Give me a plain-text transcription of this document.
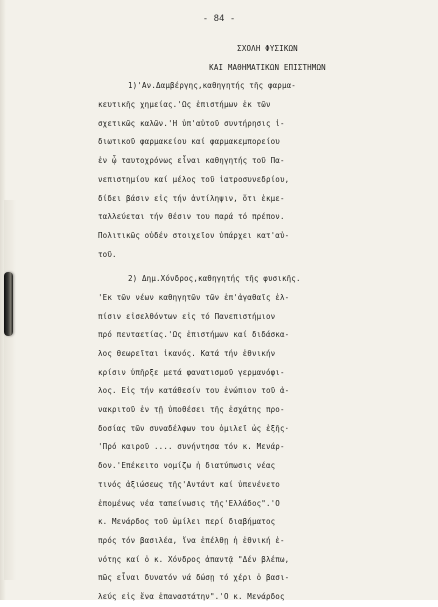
- 84 -
ΣΧΟΛΗ ΦΥΣΙΚΩΝ
ΚΑΙ ΜΑΘΗΜΑΤΙΚΩΝ ΕΠΙΣΤΗΜΩΝ
1)'Αν.Δαμβέργης,καθηγητής τῆς φαρμα-
κευτικῆς χημείας.'Ως ἐπιστήμων ἐκ τῶν
σχετικῶς καλῶν.'Η ὑπ'αὐτοῦ συντήρησις ἰ-
διωτικοῦ φαρμακείου καί φαρμακεμπορείου
ἐν ᾧ ταυτοχρόνως εἶναι καθηγητής τοῦ Πα-
νεπιστημίου καί μέλος τοῦ ἰατροσυνεδρίου,
δίδει βάσιν εἰς τήν ἀντίληψιν, ὅτι ἐκμε-
ταλλεύεται τήν θέσιν του παρά τό πρέπον.
Πολιτικῶς οὐδέν στοιχεῖον ὑπάρχει κατ'αὐ-
τοῦ.
2) Δημ.Χόνδρος,καθηγητής τῆς φυσικῆς.
'Εκ τῶν νέων καθηγητῶν τῶν ἐπ'ἀγαθαῖς ἐλ-
πίσιν εἰσελθόντων εἰς τό Πανεπιστήμιον
πρό πενταετίας.'Ως ἐπιστήμων καί διδάσκα-
λος θεωρεῖται ἱκανός. Κατά τήν ἐθνικήν
κρίσιν ὑπῆρξε μετά φανατισμοῦ γερμανόφι-
λος. Εἰς τήν κατάθεσίν του ἐνώπιον τοῦ ἀ-
νακριτοῦ ἐν τῇ ὑποθέσει τῆς ἐσχάτης προ-
δοσίας τῶν συναδέλφων του ὁμιλεῖ ὡς ἑξῆς·
'Πρό καιροῦ .... συνήντησα τόν κ. Μενάρ-
δον.'Επέκειτο νομίζω ἡ διατύπωσις νέας
τινός ἀξιώσεως τῆς'Αντάντ καί ὑπενένετο
ἐπομένως νέα ταπείνωσις τῆς'Ελλάδος".'Ο
κ. Μενάρδος τοῦ ὡμίλει περί διαβήματος
πρός τόν βασιλέα, ἵνα ἐπέλθῃ ἡ ἐθνική ἑ-
νότης καί ὁ κ. Χόνδρος ἀπαντᾷ "Δέν βλέπω,
πῶς εἶναι δυνατόν νά δώσῃ τό χέρι ὁ βασι-
λεύς εἰς ἕνα ἐπαναστάτην".'Ο κ. Μενάρδος
